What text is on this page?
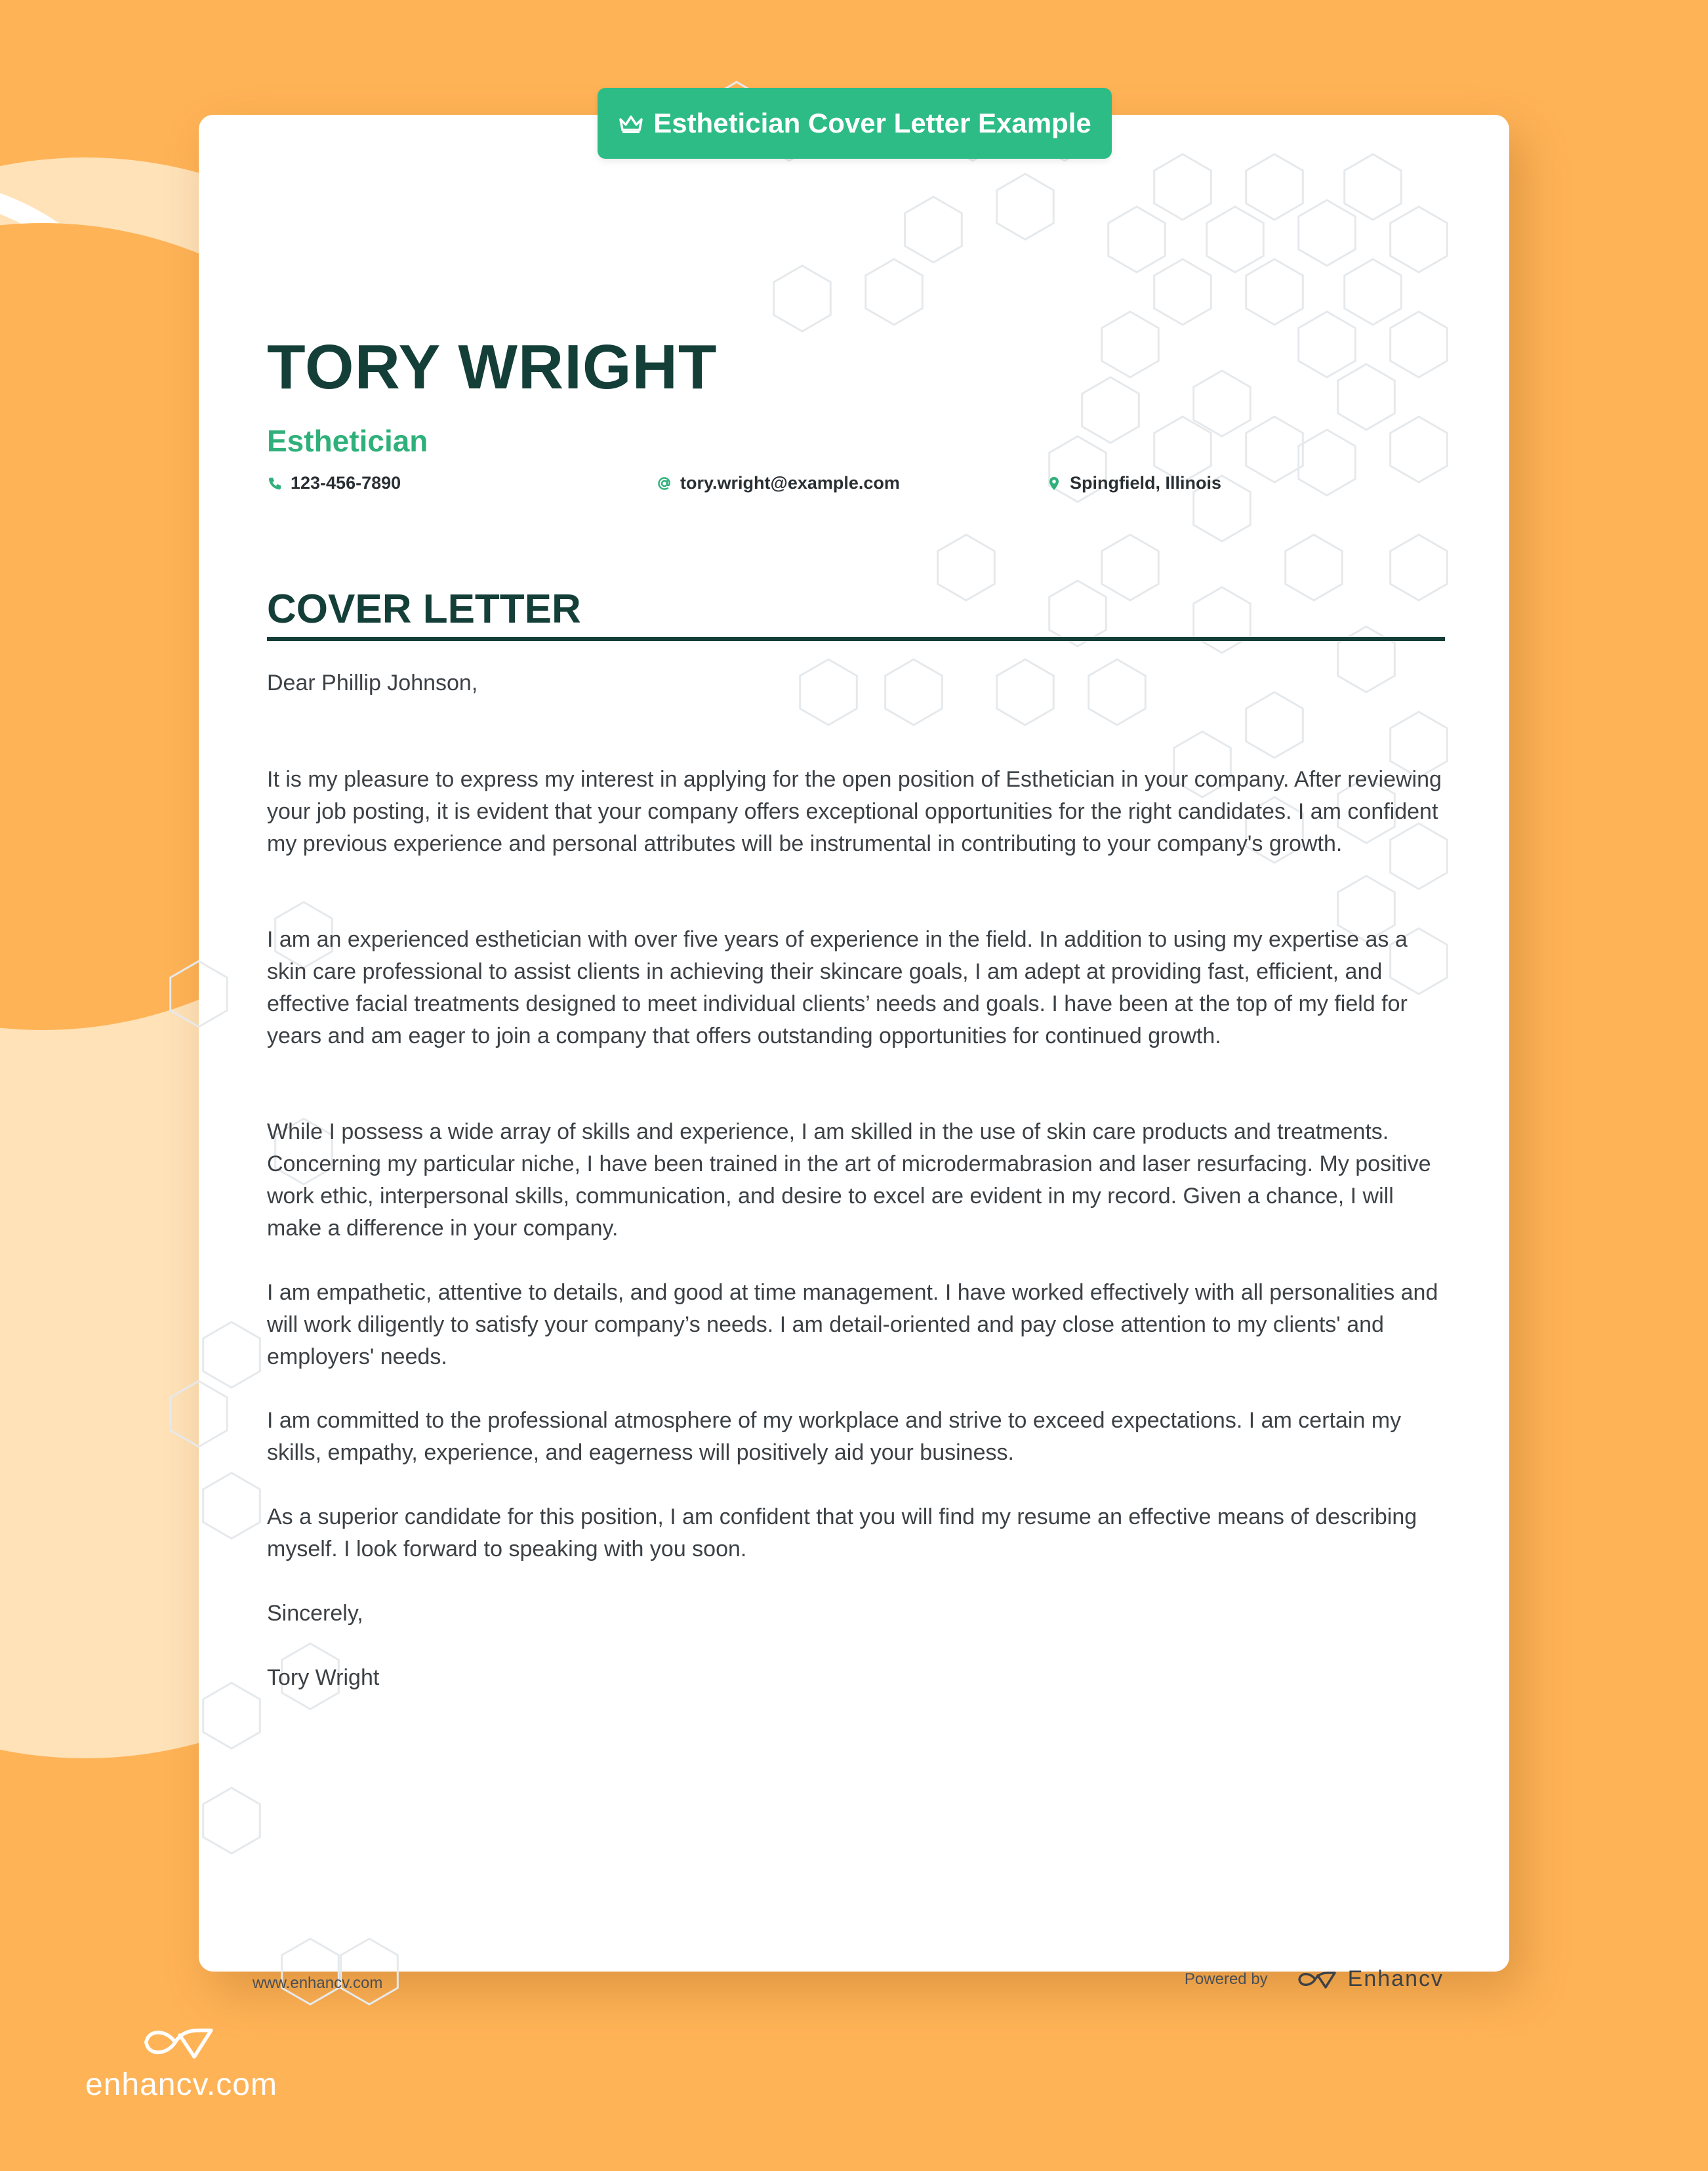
Esthetician Cover Letter Example
TORY WRIGHT
Esthetician
123-456-7890	tory.wright@example.com	Spingfield, Illinois
COVER LETTER

Dear Phillip Johnson,

It is my pleasure to express my interest in applying for the open position of Esthetician in your company. After reviewing your job posting, it is evident that your company offers exceptional opportunities for the right candidates. I am confident my previous experience and personal attributes will be instrumental in contributing to your company's growth.

I am an experienced esthetician with over five years of experience in the field. In addition to using my expertise as a skin care professional to assist clients in achieving their skincare goals, I am adept at providing fast, efficient, and effective facial treatments designed to meet individual clients’ needs and goals. I have been at the top of my field for years and am eager to join a company that offers outstanding opportunities for continued growth.

While I possess a wide array of skills and experience, I am skilled in the use of skin care products and treatments. Concerning my particular niche, I have been trained in the art of microdermabrasion and laser resurfacing. My positive work ethic, interpersonal skills, communication, and desire to excel are evident in my record. Given a chance, I will make a difference in your company.

I am empathetic, attentive to details, and good at time management. I have worked effectively with all personalities and will work diligently to satisfy your company’s needs. I am detail-oriented and pay close attention to my clients' and employers' needs.

I am committed to the professional atmosphere of my workplace and strive to exceed expectations. I am certain my skills, empathy, experience, and eagerness will positively aid your business.

As a superior candidate for this position, I am confident that you will find my resume an effective means of describing myself. I look forward to speaking with you soon.

Sincerely,

Tory Wright

www.enhancv.com	Powered by	Enhancv
enhancv.com
